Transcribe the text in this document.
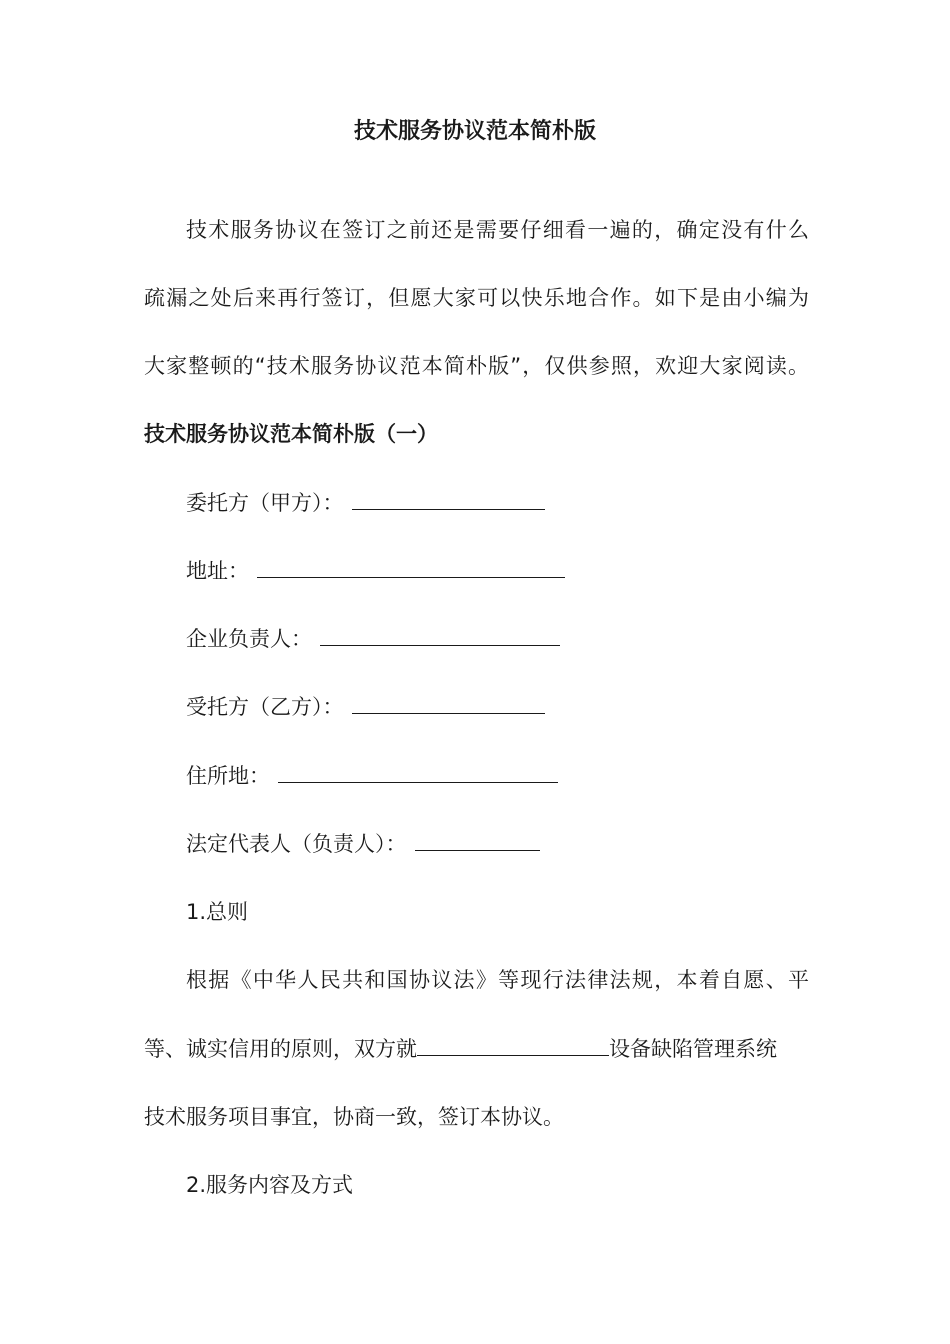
技术服务协议范本简朴版
技术服务协议在签订之前还是需要仔细看一遍的，确定没有什么
疏漏之处后来再行签订，但愿大家可以快乐地合作。如下是由小编为
大家整顿的“技术服务协议范本简朴版”，仅供参照，欢迎大家阅读。
技术服务协议范本简朴版（一）
委托方（甲方）：
地址：
企业负责人：
受托方（乙方）：
住所地：
法定代表人（负责人）：
1.总则
根据《中华人民共和国协议法》等现行法律法规，本着自愿、平
等、诚实信用的原则，双方就	设备缺陷管理系统
技术服务项目事宜，协商一致，签订本协议。
2.服务内容及方式
